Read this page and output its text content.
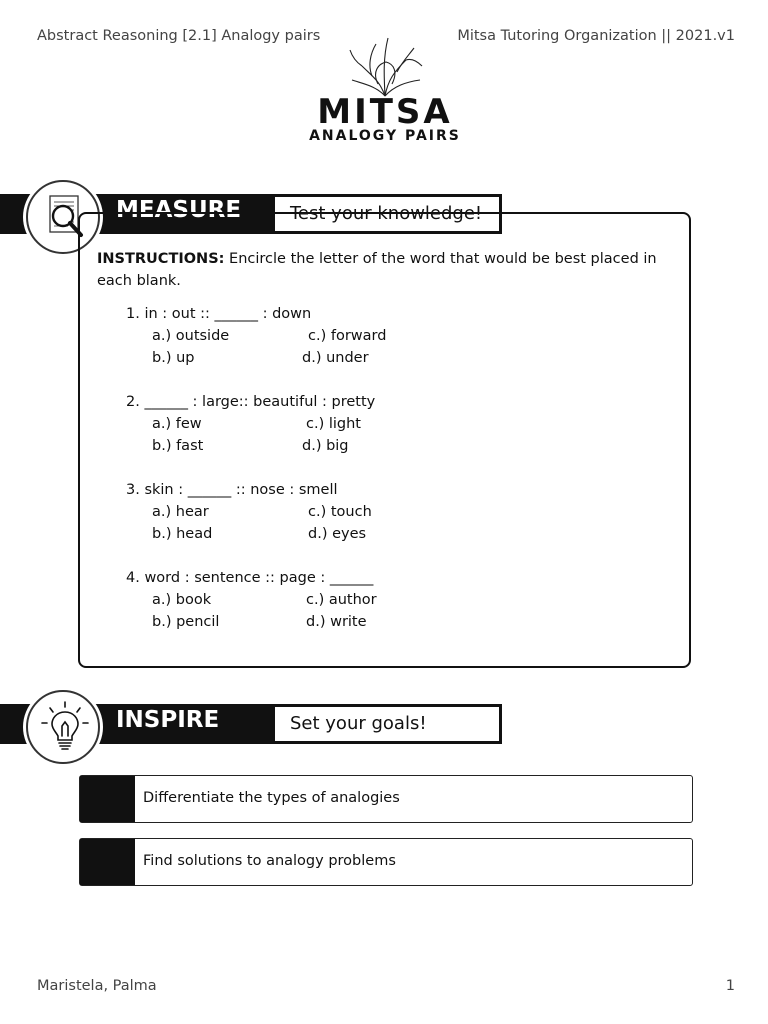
Abstract Reasoning [2.1] Analogy pairs	Mitsa Tutoring Organization || 2021.v1
MITSA
ANALOGY PAIRS
MEASURE	Test your knowledge!
INSTRUCTIONS: Encircle the letter of the word that would be best placed in each blank.
1. in : out :: ______ : down
a.) outside	c.) forward
b.) up	d.) under
2. ______ : large:: beautiful : pretty
a.) few	c.) light
b.) fast	d.) big
3. skin : ______ :: nose : smell
a.) hear	c.) touch
b.) head	d.) eyes
4. word : sentence :: page : ______
a.) book	c.) author
b.) pencil	d.) write
INSPIRE	Set your goals!
Differentiate the types of analogies
Find solutions to analogy problems
Maristela, Palma	1
